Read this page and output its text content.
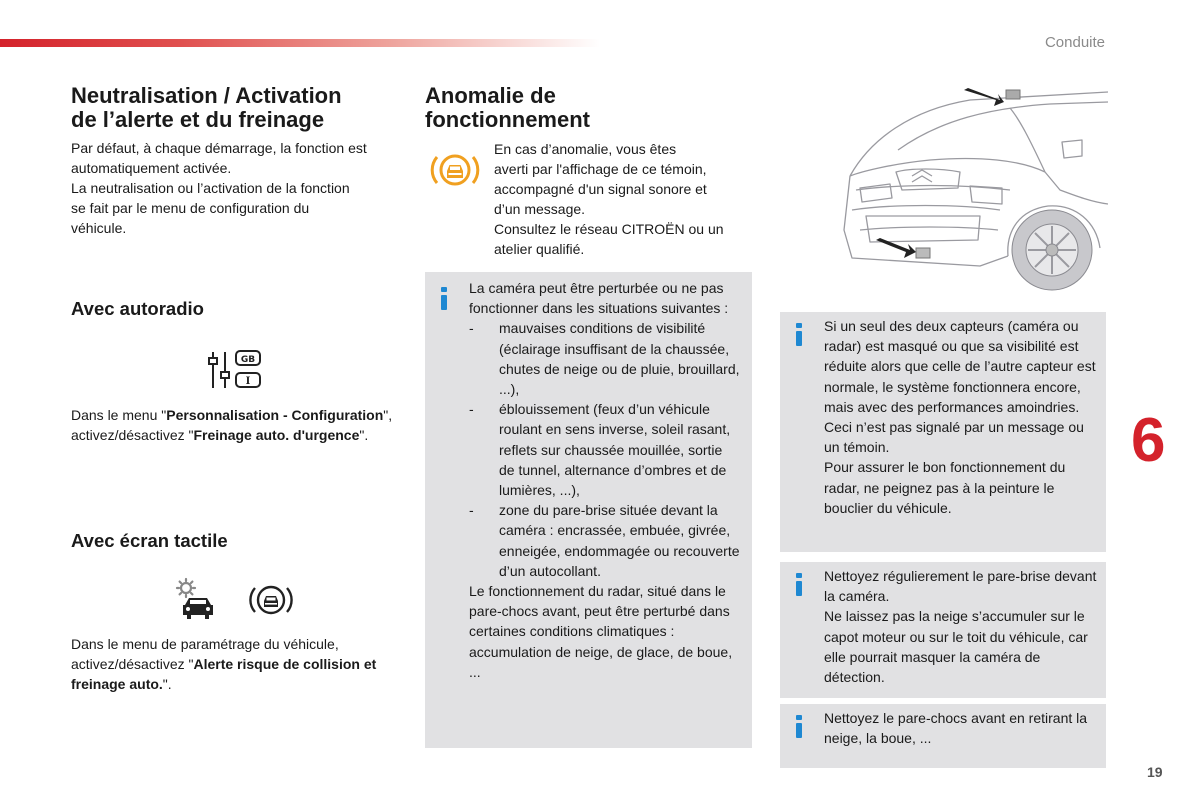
Conduite
6
19
Neutralisation / Activation
de l’alerte et du freinage
Par défaut, à chaque démarrage, la fonction est
automatiquement activée.
La neutralisation ou l’activation de la fonction
se fait par le menu de configuration du
véhicule.
Avec autoradio
GB
I
Dans le menu "Personnalisation - Configuration", activez/désactivez "Freinage auto. d'urgence".
Avec écran tactile
Dans le menu de paramétrage du véhicule, activez/désactivez "Alerte risque de collision et freinage auto.".
Anomalie de
fonctionnement
En cas d’anomalie, vous êtes
averti par l'affichage de ce témoin,
accompagné d'un signal sonore et
d’un message.
Consultez le réseau CITROËN ou un
atelier qualifié.
La caméra peut être perturbée ou ne pas fonctionner dans les situations suivantes :
- mauvaises conditions de visibilité (éclairage insuffisant de la chaussée, chutes de neige ou de pluie, brouillard, ...),
- éblouissement (feux d’un véhicule roulant en sens inverse, soleil rasant, reflets sur chaussée mouillée, sortie de tunnel, alternance d’ombres et de lumières, ...),
- zone du pare-brise située devant la caméra : encrassée, embuée, givrée, enneigée, endommagée ou recouverte d’un autocollant.
Le fonctionnement du radar, situé dans le pare-chocs avant, peut être perturbé dans certaines conditions climatiques : accumulation de neige, de glace, de boue, ...
Si un seul des deux capteurs (caméra ou radar) est masqué ou que sa visibilité est réduite alors que celle de l’autre capteur est normale, le système fonctionnera encore, mais avec des performances amoindries. Ceci n’est pas signalé par un message ou un témoin.
Pour assurer le bon fonctionnement du radar, ne peignez pas à la peinture le bouclier du véhicule.
Nettoyez régulierement le pare-brise devant la caméra.
Ne laissez pas la neige s’accumuler sur le capot moteur ou sur le toit du véhicule, car elle pourrait masquer la caméra de détection.
Nettoyez le pare-chocs avant en retirant la neige, la boue, ...
